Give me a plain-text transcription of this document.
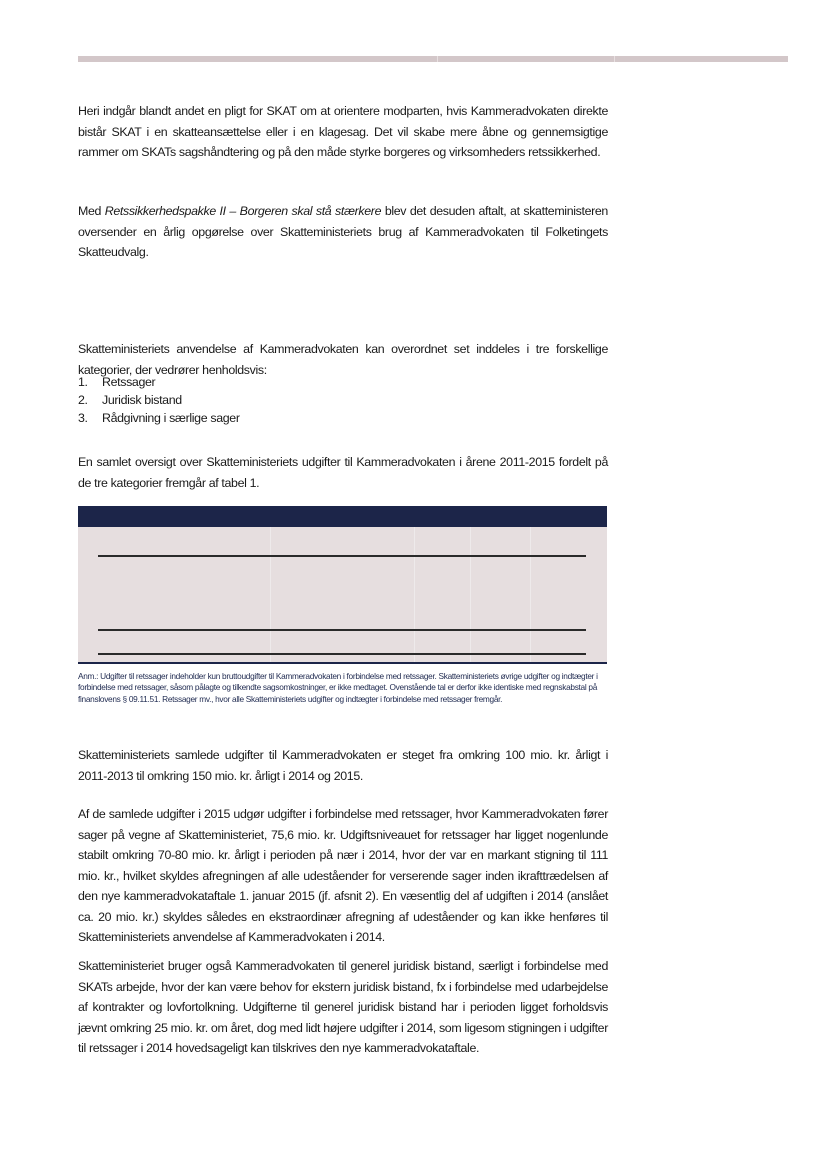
Heri indgår blandt andet en pligt for SKAT om at orientere modparten, hvis Kammeradvokaten direkte bistår SKAT i en skatteansættelse eller i en klagesag. Det vil skabe mere åbne og gennemsigtige rammer om SKATs sagshåndtering og på den måde styrke borgeres og virksomheders retssikkerhed.

Med Retssikkerhedspakke II – Borgeren skal stå stærkere blev det desuden aftalt, at skatteministeren oversender en årlig opgørelse over Skatteministeriets brug af Kammeradvokaten til Folketingets Skatteudvalg.

Skatteministeriets anvendelse af Kammeradvokaten kan overordnet set inddeles i tre forskellige kategorier, der vedrører henholdsvis:

1. Retssager
2. Juridisk bistand
3. Rådgivning i særlige sager

En samlet oversigt over Skatteministeriets udgifter til Kammeradvokaten i årene 2011-2015 fordelt på de tre kategorier fremgår af tabel 1.

Anm.: Udgifter til retssager indeholder kun bruttoudgifter til Kammeradvokaten i forbindelse med retssager. Skatteministeriets øvrige udgifter og indtægter i forbindelse med retssager, såsom pålagte og tilkendte sagsomkostninger, er ikke medtaget. Ovenstående tal er derfor ikke identiske med regnskabstal på finanslovens § 09.11.51. Retssager mv., hvor alle Skatteministeriets udgifter og indtægter i forbindelse med retssager fremgår.

Skatteministeriets samlede udgifter til Kammeradvokaten er steget fra omkring 100 mio. kr. årligt i 2011-2013 til omkring 150 mio. kr. årligt i 2014 og 2015.

Af de samlede udgifter i 2015 udgør udgifter i forbindelse med retssager, hvor Kammeradvokaten fører sager på vegne af Skatteministeriet, 75,6 mio. kr. Udgiftsniveauet for retssager har ligget nogenlunde stabilt omkring 70-80 mio. kr. årligt i perioden på nær i 2014, hvor der var en markant stigning til 111 mio. kr., hvilket skyldes afregningen af alle udeståender for verserende sager inden ikrafttrædelsen af den nye kammeradvokataftale 1. januar 2015 (jf. afsnit 2). En væsentlig del af udgiften i 2014 (anslået ca. 20 mio. kr.) skyldes således en ekstraordinær afregning af udeståender og kan ikke henføres til Skatteministeriets anvendelse af Kammeradvokaten i 2014.

Skatteministeriet bruger også Kammeradvokaten til generel juridisk bistand, særligt i forbindelse med SKATs arbejde, hvor der kan være behov for ekstern juridisk bistand, fx i forbindelse med udarbejdelse af kontrakter og lovfortolkning. Udgifterne til generel juridisk bistand har i perioden ligget forholdsvis jævnt omkring 25 mio. kr. om året, dog med lidt højere udgifter i 2014, som ligesom stigningen i udgifter til retssager i 2014 hovedsageligt kan tilskrives den nye kammeradvokataftale.
